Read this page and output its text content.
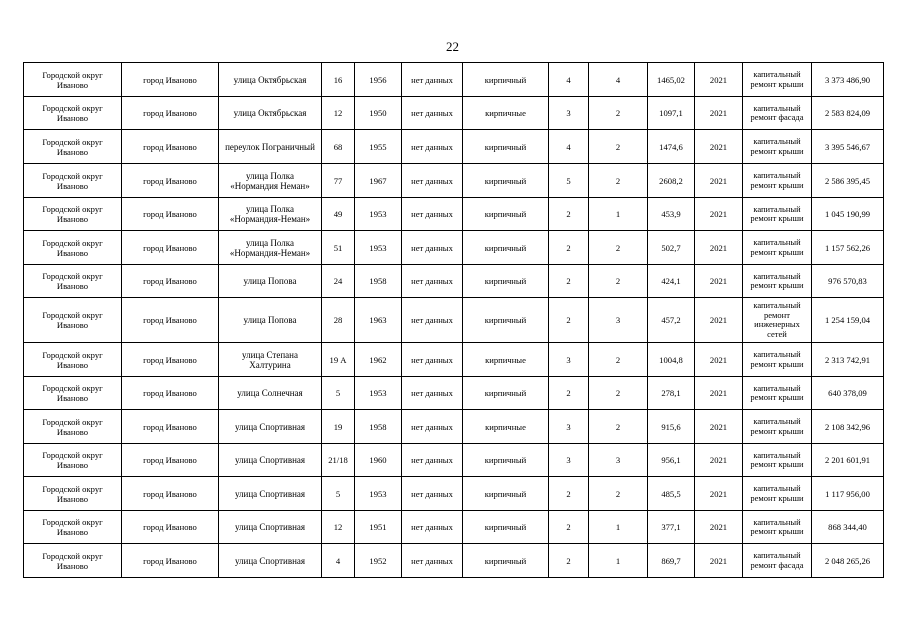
22
Городской округ Иваново	город Иваново	улица Октябрьская	16	1956	нет данных	кирпичный	4	4	1465,02	2021	капитальный ремонт крыши	3 373 486,90
Городской округ Иваново	город Иваново	улица Октябрьская	12	1950	нет данных	кирпичные	3	2	1097,1	2021	капитальный ремонт фасада	2 583 824,09
Городской округ Иваново	город Иваново	переулок Пограничный	68	1955	нет данных	кирпичный	4	2	1474,6	2021	капитальный ремонт крыши	3 395 546,67
Городской округ Иваново	город Иваново	улица Полка «Нормандия Неман»	77	1967	нет данных	кирпичный	5	2	2608,2	2021	капитальный ремонт крыши	2 586 395,45
Городской округ Иваново	город Иваново	улица Полка «Нормандия-Неман»	49	1953	нет данных	кирпичный	2	1	453,9	2021	капитальный ремонт крыши	1 045 190,99
Городской округ Иваново	город Иваново	улица Полка «Нормандия-Неман»	51	1953	нет данных	кирпичный	2	2	502,7	2021	капитальный ремонт крыши	1 157 562,26
Городской округ Иваново	город Иваново	улица Попова	24	1958	нет данных	кирпичный	2	2	424,1	2021	капитальный ремонт крыши	976 570,83
Городской округ Иваново	город Иваново	улица Попова	28	1963	нет данных	кирпичный	2	3	457,2	2021	капитальный ремонт инженерных сетей	1 254 159,04
Городской округ Иваново	город Иваново	улица Степана Халтурина	19 А	1962	нет данных	кирпичные	3	2	1004,8	2021	капитальный ремонт крыши	2 313 742,91
Городской округ Иваново	город Иваново	улица Солнечная	5	1953	нет данных	кирпичный	2	2	278,1	2021	капитальный ремонт крыши	640 378,09
Городской округ Иваново	город Иваново	улица Спортивная	19	1958	нет данных	кирпичные	3	2	915,6	2021	капитальный ремонт крыши	2 108 342,96
Городской округ Иваново	город Иваново	улица Спортивная	21/18	1960	нет данных	кирпичный	3	3	956,1	2021	капитальный ремонт крыши	2 201 601,91
Городской округ Иваново	город Иваново	улица Спортивная	5	1953	нет данных	кирпичный	2	2	485,5	2021	капитальный ремонт крыши	1 117 956,00
Городской округ Иваново	город Иваново	улица Спортивная	12	1951	нет данных	кирпичный	2	1	377,1	2021	капитальный ремонт крыши	868 344,40
Городской округ Иваново	город Иваново	улица Спортивная	4	1952	нет данных	кирпичный	2	1	869,7	2021	капитальный ремонт фасада	2 048 265,26
